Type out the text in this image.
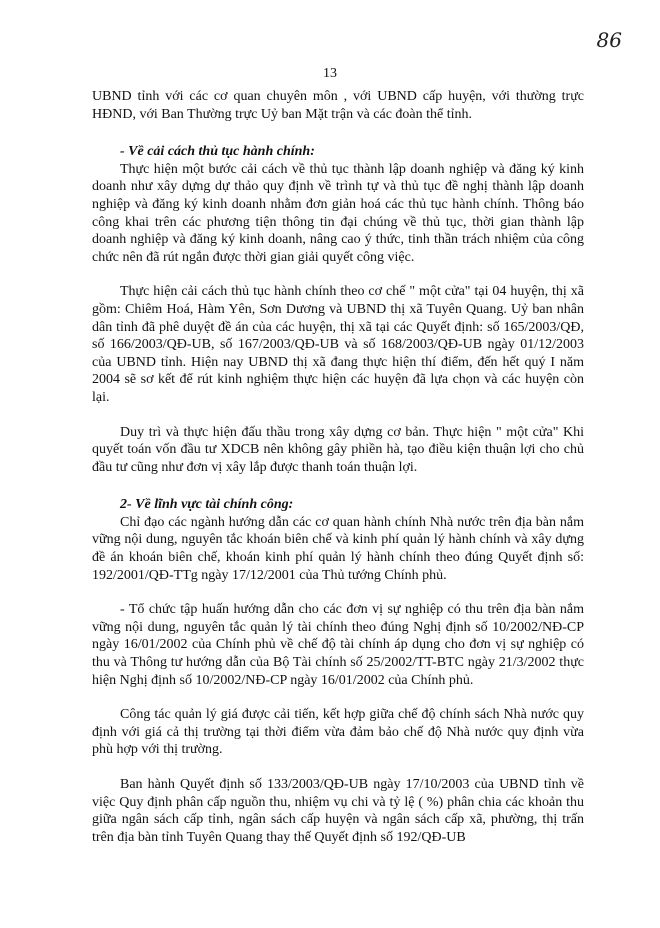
86
13

UBND tỉnh với các cơ quan chuyên môn , với UBND cấp huyện, với thường trực HĐND, với Ban Thường trực Uỷ ban Mặt trận và các đoàn thể tỉnh.

- Về cải cách thủ tục hành chính:

Thực hiện một bước cải cách về thủ tục thành lập doanh nghiệp và đăng ký kinh doanh như xây dựng dự thảo quy định về trình tự và thủ tục đề nghị thành lập doanh nghiệp và đăng ký kinh doanh nhằm đơn giản hoá các thủ tục hành chính. Thông báo công khai trên các phương tiện thông tin đại chúng về thủ tục, thời gian thành lập doanh nghiệp và đăng ký kinh doanh, nâng cao ý thức, tinh thần trách nhiệm của công chức nên đã rút ngắn được thời gian giải quyết công việc.

Thực hiện cải cách thủ tục hành chính theo cơ chế " một cửa" tại 04 huyện, thị xã gồm: Chiêm Hoá, Hàm Yên, Sơn Dương và UBND thị xã Tuyên Quang. Uỷ ban nhân dân tỉnh đã phê duyệt đề án của các huyện, thị xã tại các Quyết định: số 165/2003/QĐ, số 166/2003/QĐ-UB, số 167/2003/QĐ-UB và số 168/2003/QĐ-UB ngày 01/12/2003 của UBND tỉnh. Hiện nay UBND thị xã đang thực hiện thí điểm, đến hết quý I năm 2004 sẽ sơ kết để rút kinh nghiệm thực hiện các huyện đã lựa chọn và các huyện còn lại.

Duy trì và thực hiện đấu thầu trong xây dựng cơ bản. Thực hiện " một cửa" Khi quyết toán vốn đầu tư XDCB nên không gây phiền hà, tạo điều kiện thuận lợi cho chủ đầu tư cũng như đơn vị xây lắp được thanh toán thuận lợi.

2- Về lĩnh vực tài chính công:

Chỉ đạo các ngành hướng dẫn các cơ quan hành chính Nhà nước trên địa bàn nắm vững nội dung, nguyên tắc khoán biên chế và kinh phí quản lý hành chính và xây dựng đề án khoán biên chế, khoán kinh phí quản lý hành chính theo đúng Quyết định số: 192/2001/QĐ-TTg ngày 17/12/2001 của Thủ tướng Chính phủ.

- Tổ chức tập huấn hướng dẫn cho các đơn vị sự nghiệp có thu trên địa bàn nắm vững nội dung, nguyên tắc quản lý tài chính theo đúng Nghị định số 10/2002/NĐ-CP ngày 16/01/2002 của Chính phủ về chế độ tài chính áp dụng cho đơn vị sự nghiệp có thu và Thông tư hướng dẫn của Bộ Tài chính số 25/2002/TT-BTC ngày 21/3/2002 thực hiện Nghị định số 10/2002/NĐ-CP ngày 16/01/2002 của Chính phủ.

Công tác quản lý giá được cải tiến, kết hợp giữa chế độ chính sách Nhà nước quy định với giá cả thị trường tại thời điểm vừa đảm bảo chế độ Nhà nước quy định vừa phù hợp với thị trường.

Ban hành Quyết định số 133/2003/QĐ-UB ngày 17/10/2003 của UBND tỉnh về việc Quy định phân cấp nguồn thu, nhiệm vụ chi và tỷ lệ ( %) phân chia các khoản thu giữa ngân sách cấp tỉnh, ngân sách cấp huyện và ngân sách cấp xã, phường, thị trấn trên địa bàn tỉnh Tuyên Quang thay thế Quyết định số 192/QĐ-UB
